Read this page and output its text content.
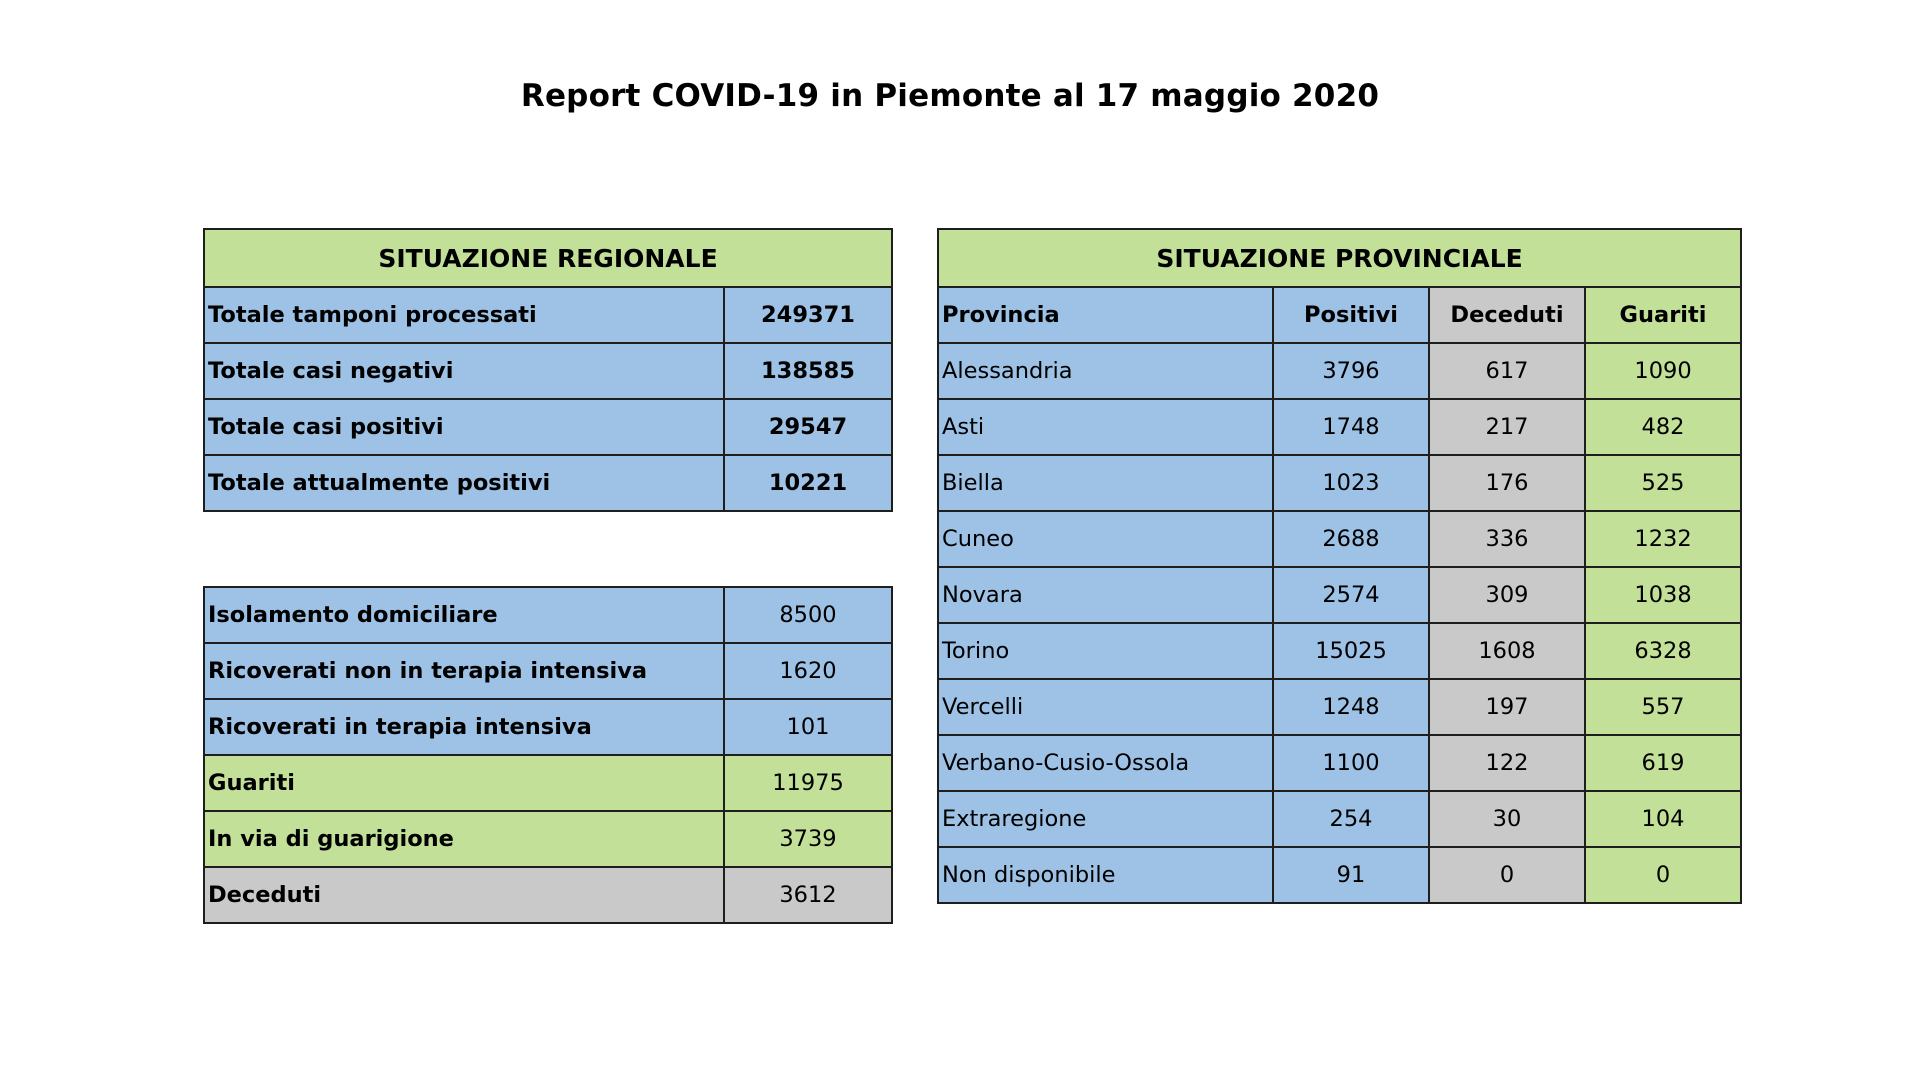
Report COVID-19 in Piemonte al 17 maggio 2020
SITUAZIONE REGIONALE	
Totale tamponi processati	249371
Totale casi negativi	138585
Totale casi positivi	29547
Totale attualmente positivi	10221
Isolamento domiciliare	8500
Ricoverati non in terapia intensiva	1620
Ricoverati in terapia intensiva	101
Guariti	11975
In via di guarigione	3739
Deceduti	3612
SITUAZIONE PROVINCIALE			
Provincia	Positivi	Deceduti	Guariti
Alessandria	3796	617	1090
Asti	1748	217	482
Biella	1023	176	525
Cuneo	2688	336	1232
Novara	2574	309	1038
Torino	15025	1608	6328
Vercelli	1248	197	557
Verbano-Cusio-Ossola	1100	122	619
Extraregione	254	30	104
Non disponibile	91	0	0
